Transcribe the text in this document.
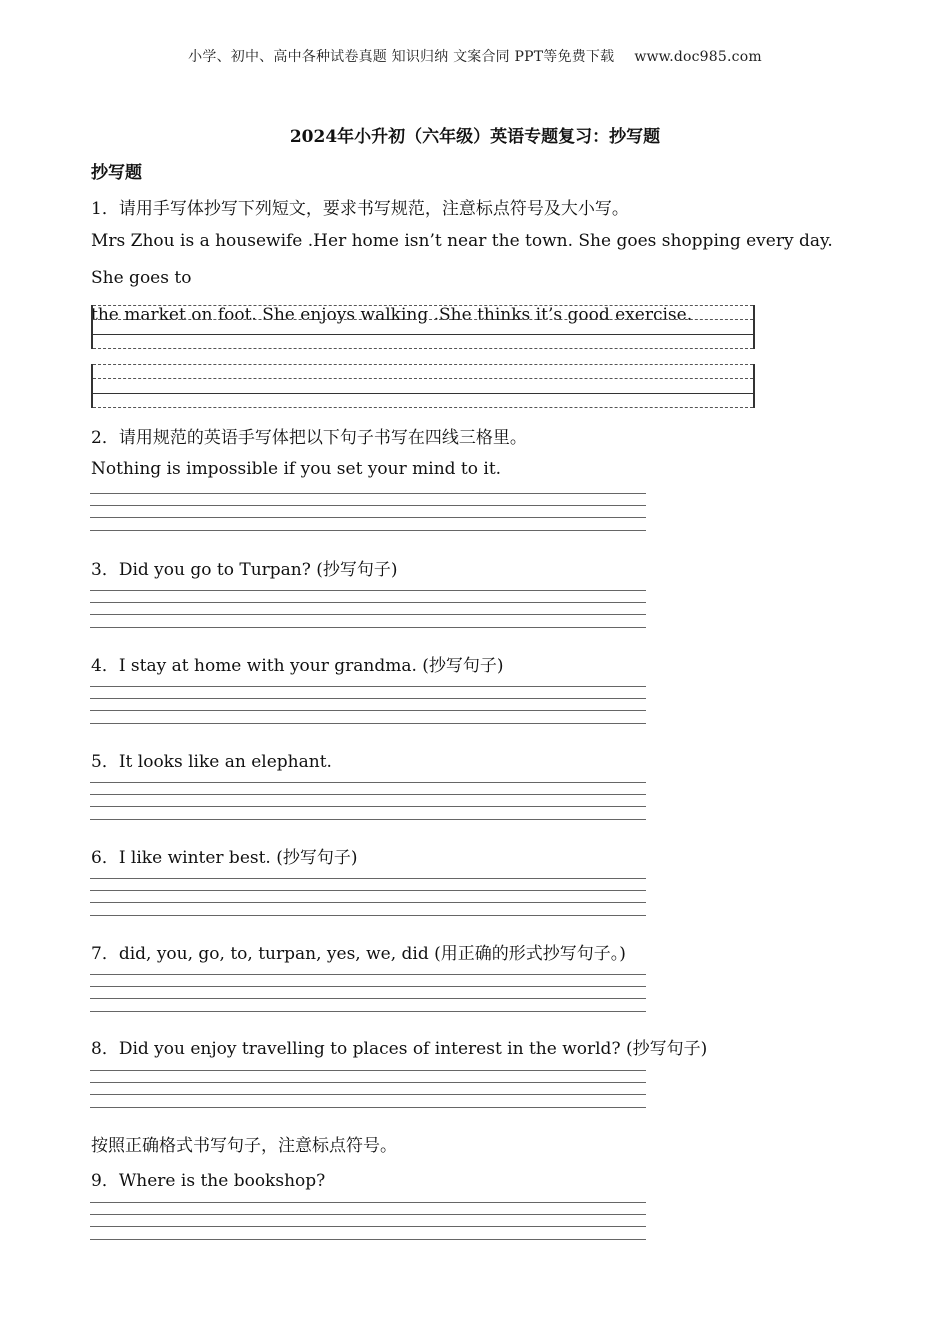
小学、初中、高中各种试卷真题 知识归纳 文案合同 PPT等免费下载 www.doc985.com
2024年小升初（六年级）英语专题复习：抄写题
抄写题
1．请用手写体抄写下列短文，要求书写规范，注意标点符号及大小写。
Mrs Zhou is a housewife .Her home isn’t near the town. She goes shopping every day. She goes to
the market on foot. She enjoys walking .She thinks it’s good exercise.
2．请用规范的英语手写体把以下句子书写在四线三格里。
Nothing is impossible if you set your mind to it.
3．Did you go to Turpan? (抄写句子)
4．I stay at home with your grandma. (抄写句子)
5．It looks like an elephant.
6．I like winter best. (抄写句子)
7．did, you, go, to, turpan, yes, we, did (用正确的形式抄写句子。)
8．Did you enjoy travelling to places of interest in the world? (抄写句子)
按照正确格式书写句子，注意标点符号。
9．Where is the bookshop?
